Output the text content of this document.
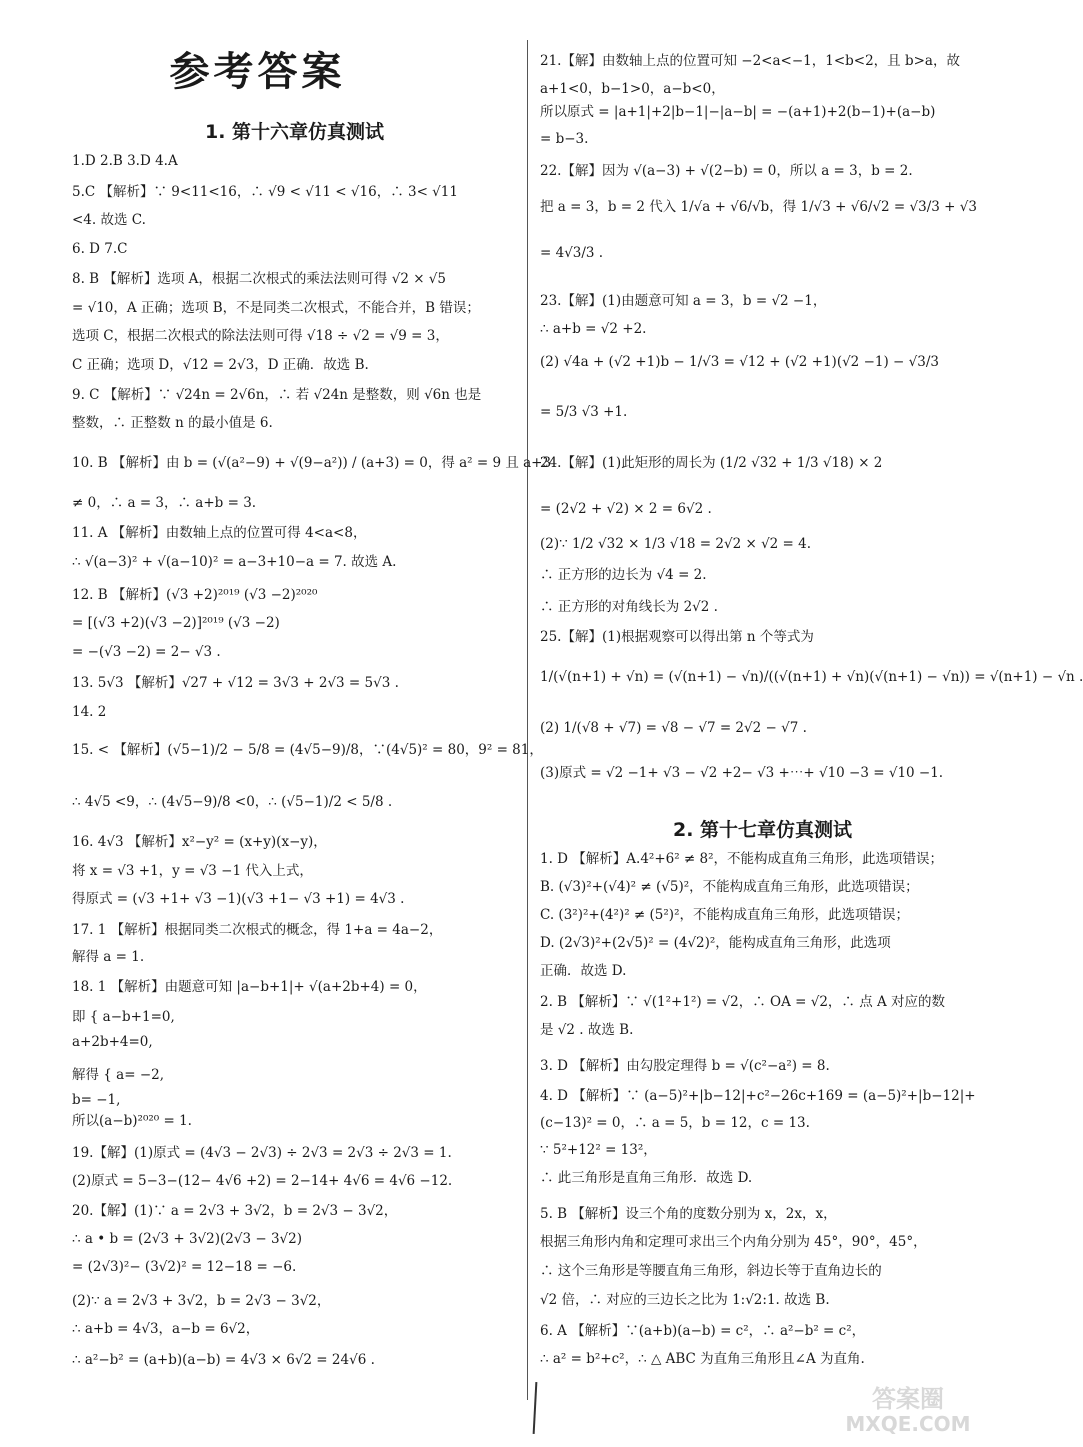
参考答案
1. 第十六章仿真测试
1.D 2.B 3.D 4.A
5.C 【解析】∵ 9<11<16，∴ √9 < √11 < √16，∴ 3< √11
<4. 故选 C.
6. D 7.C
8. B 【解析】选项 A，根据二次根式的乘法法则可得 √2 × √5
= √10，A 正确；选项 B，不是同类二次根式，不能合并，B 错误；
选项 C，根据二次根式的除法法则可得 √18 ÷ √2 = √9 = 3，
C 正确；选项 D，√12 = 2√3，D 正确．故选 B.
9. C 【解析】∵ √24n = 2√6n，∴ 若 √24n 是整数，则 √6n 也是
整数，∴ 正整数 n 的最小值是 6.
10. B 【解析】由 b = (√(a²−9) + √(9−a²)) / (a+3) = 0，得 a² = 9 且 a+3
≠ 0，∴ a = 3，∴ a+b = 3.
11. A 【解析】由数轴上点的位置可得 4<a<8，
∴ √(a−3)² + √(a−10)² = a−3+10−a = 7. 故选 A.
12. B 【解析】(√3 +2)²⁰¹⁹ (√3 −2)²⁰²⁰
= [(√3 +2)(√3 −2)]²⁰¹⁹ (√3 −2)
= −(√3 −2) = 2− √3 .
13. 5√3 【解析】√27 + √12 = 3√3 + 2√3 = 5√3 .
14. 2
15. < 【解析】(√5−1)/2 − 5/8 = (4√5−9)/8，∵(4√5)² = 80，9² = 81，
∴ 4√5 <9，∴ (4√5−9)/8 <0，∴ (√5−1)/2 < 5/8 .
16. 4√3 【解析】x²−y² = (x+y)(x−y)，
将 x = √3 +1，y = √3 −1 代入上式，
得原式 = (√3 +1+ √3 −1)(√3 +1− √3 +1) = 4√3 .
17. 1 【解析】根据同类二次根式的概念，得 1+a = 4a−2，
解得 a = 1.
18. 1 【解析】由题意可知 |a−b+1|+ √(a+2b+4) = 0，
即 { a−b+1=0,
a+2b+4=0,
解得 { a= −2,
b= −1,
所以(a−b)²⁰²⁰ = 1.
19.【解】(1)原式 = (4√3 − 2√3) ÷ 2√3 = 2√3 ÷ 2√3 = 1.
(2)原式 = 5−3−(12− 4√6 +2) = 2−14+ 4√6 = 4√6 −12.
20.【解】(1)∵ a = 2√3 + 3√2，b = 2√3 − 3√2，
∴ a • b = (2√3 + 3√2)(2√3 − 3√2)
= (2√3)²− (3√2)² = 12−18 = −6.
(2)∵ a = 2√3 + 3√2，b = 2√3 − 3√2，
∴ a+b = 4√3，a−b = 6√2，
∴ a²−b² = (a+b)(a−b) = 4√3 × 6√2 = 24√6 .
21.【解】由数轴上点的位置可知 −2<a<−1，1<b<2，且 b>a，故
a+1<0，b−1>0，a−b<0，
所以原式 = |a+1|+2|b−1|−|a−b| = −(a+1)+2(b−1)+(a−b)
= b−3.
22.【解】因为 √(a−3) + √(2−b) = 0，所以 a = 3，b = 2.
把 a = 3，b = 2 代入 1/√a + √6/√b，得 1/√3 + √6/√2 = √3/3 + √3
= 4√3/3 .
23.【解】(1)由题意可知 a = 3，b = √2 −1，
∴ a+b = √2 +2.
(2) √4a + (√2 +1)b − 1/√3 = √12 + (√2 +1)(√2 −1) − √3/3
= 5/3 √3 +1.
24.【解】(1)此矩形的周长为 (1/2 √32 + 1/3 √18) × 2
= (2√2 + √2) × 2 = 6√2 .
(2)∵ 1/2 √32 × 1/3 √18 = 2√2 × √2 = 4.
∴ 正方形的边长为 √4 = 2.
∴ 正方形的对角线长为 2√2 .
25.【解】(1)根据观察可以得出第 n 个等式为
1/(√(n+1) + √n) = (√(n+1) − √n)/((√(n+1) + √n)(√(n+1) − √n)) = √(n+1) − √n .
(2) 1/(√8 + √7) = √8 − √7 = 2√2 − √7 .
(3)原式 = √2 −1+ √3 − √2 +2− √3 +⋯+ √10 −3 = √10 −1.
2. 第十七章仿真测试
1. D 【解析】A.4²+6² ≠ 8²，不能构成直角三角形，此选项错误；
B. (√3)²+(√4)² ≠ (√5)²，不能构成直角三角形，此选项错误；
C. (3²)²+(4²)² ≠ (5²)²，不能构成直角三角形，此选项错误；
D. (2√3)²+(2√5)² = (4√2)²，能构成直角三角形，此选项
正确．故选 D.
2. B 【解析】∵ √(1²+1²) = √2，∴ OA = √2，∴ 点 A 对应的数
是 √2 . 故选 B.
3. D 【解析】由勾股定理得 b = √(c²−a²) = 8.
4. D 【解析】∵ (a−5)²+|b−12|+c²−26c+169 = (a−5)²+|b−12|+
(c−13)² = 0，∴ a = 5，b = 12，c = 13.
∵ 5²+12² = 13²，
∴ 此三角形是直角三角形．故选 D.
5. B 【解析】设三个角的度数分别为 x，2x，x，
根据三角形内角和定理可求出三个内角分别为 45°，90°，45°，
∴ 这个三角形是等腰直角三角形，斜边长等于直角边长的
√2 倍，∴ 对应的三边长之比为 1:√2:1. 故选 B.
6. A 【解析】∵(a+b)(a−b) = c²，∴ a²−b² = c²，
∴ a² = b²+c²，∴ △ ABC 为直角三角形且∠A 为直角.
答案圈
MXQE.COM
